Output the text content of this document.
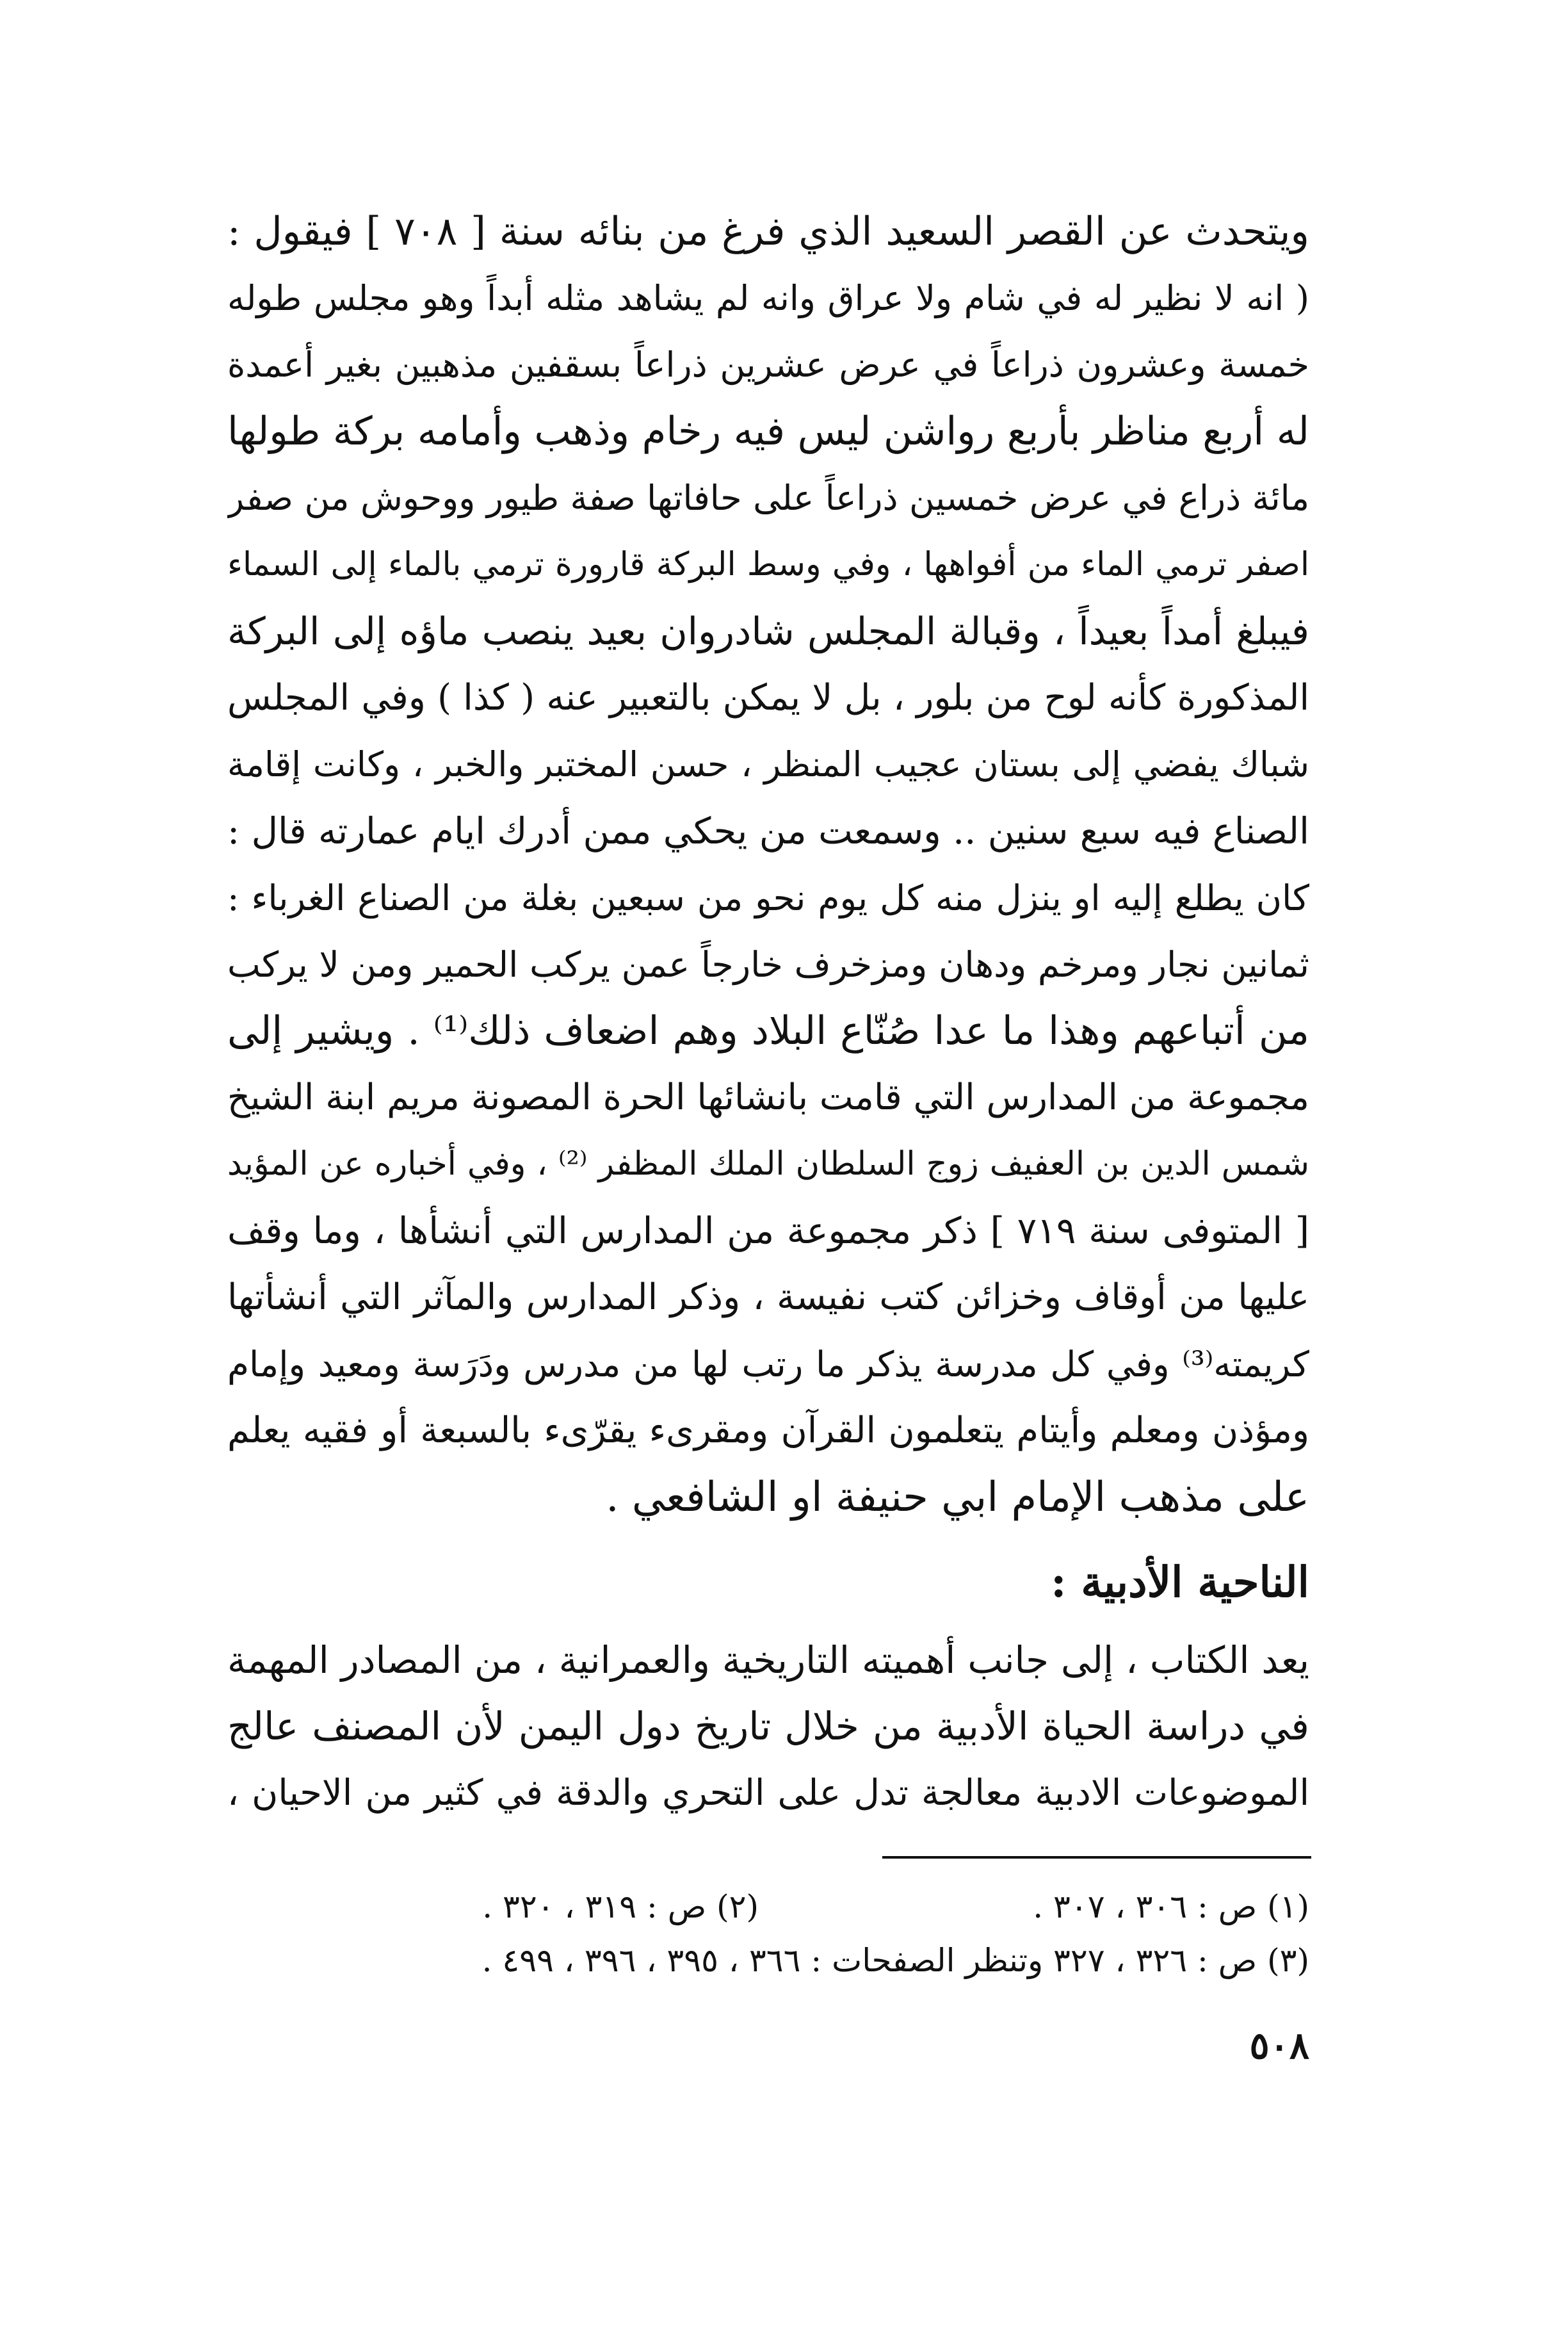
ويتحدث عن القصر السعيد الذي فرغ من بنائه سنة [ ٧٠٨ ] فيقول :
( انه لا نظير له في شام ولا عراق وانه لم يشاهد مثله أبداً وهو مجلس طوله
خمسة وعشرون ذراعاً في عرض عشرين ذراعاً بسقفين مذهبين بغير أعمدة
له أربع مناظر بأربع رواشن ليس فيه رخام وذهب وأمامه بركة طولها
مائة ذراع في عرض خمسين ذراعاً على حافاتها صفة طيور ووحوش من صفر
اصفر ترمي الماء من أفواهها ، وفي وسط البركة قارورة ترمي بالماء إلى السماء
فيبلغ أمداً بعيداً ، وقبالة المجلس شادروان بعيد ينصب ماؤه إلى البركة
المذكورة كأنه لوح من بلور ، بل لا يمكن بالتعبير عنه ( كذا ) وفي المجلس
شباك يفضي إلى بستان عجيب المنظر ، حسن المختبر والخبر ، وكانت إقامة
الصناع فيه سبع سنين .. وسمعت من يحكي ممن أدرك ايام عمارته قال :
كان يطلع إليه او ينزل منه كل يوم نحو من سبعين بغلة من الصناع الغرباء :
ثمانين نجار ومرخم ودهان ومزخرف خارجاً عمن يركب الحمير ومن لا يركب
من أتباعهم وهذا ما عدا صُنّاع البلاد وهم اضعاف ذلك⁽¹⁾ . ويشير إلى
مجموعة من المدارس التي قامت بانشائها الحرة المصونة مريم ابنة الشيخ
شمس الدين بن العفيف زوج السلطان الملك المظفر ⁽²⁾ ، وفي أخباره عن المؤيد
[ المتوفى سنة ٧١٩ ] ذكر مجموعة من المدارس التي أنشأها ، وما وقف
عليها من أوقاف وخزائن كتب نفيسة ، وذكر المدارس والمآثر التي أنشأتها
كريمته⁽³⁾ وفي كل مدرسة يذكر ما رتب لها من مدرس ودَرَسة ومعيد وإمام
ومؤذن ومعلم وأيتام يتعلمون القرآن ومقرىء يقرّىء بالسبعة أو فقيه يعلم
على مذهب الإمام ابي حنيفة او الشافعي .
الناحية الأدبية :
يعد الكتاب ، إلى جانب أهميته التاريخية والعمرانية ، من المصادر المهمة
في دراسة الحياة الأدبية من خلال تاريخ دول اليمن لأن المصنف عالج
الموضوعات الادبية معالجة تدل على التحري والدقة في كثير من الاحيان ،
(١) ص : ٣٠٦ ، ٣٠٧ .(٢) ص : ٣١٩ ، ٣٢٠ .
(٣) ص : ٣٢٦ ، ٣٢٧ وتنظر الصفحات : ٣٦٦ ، ٣٩٥ ، ٣٩٦ ، ٤٩٩ .
٥٠٨
